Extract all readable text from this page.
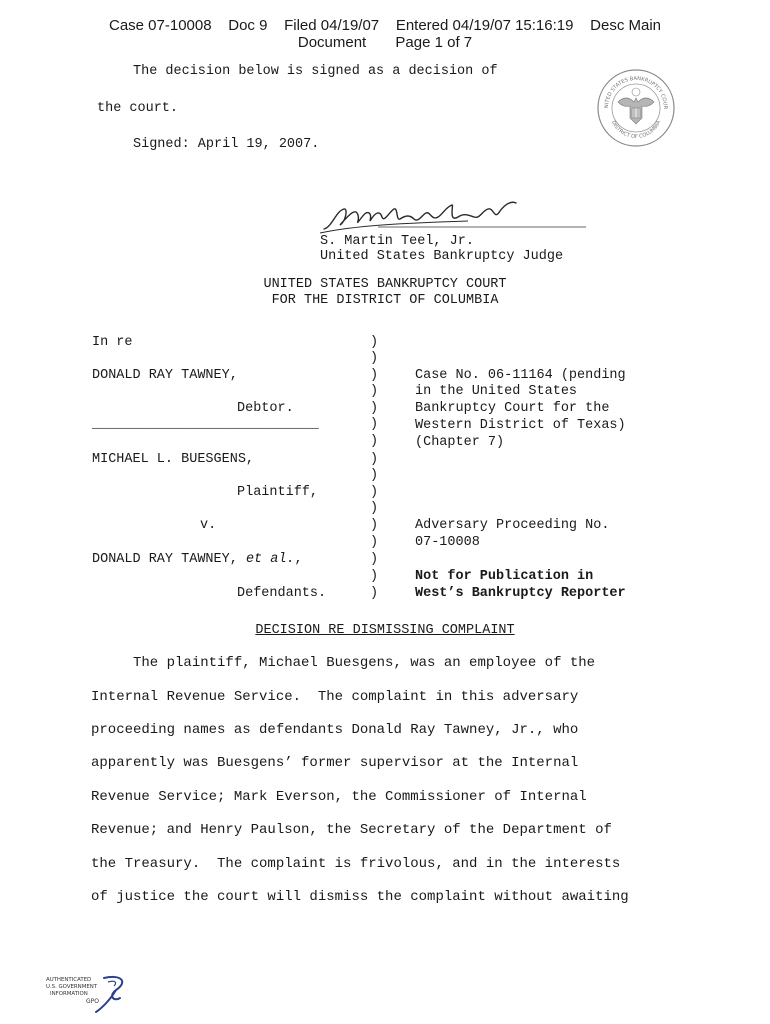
Case 07-10008    Doc 9    Filed 04/19/07    Entered 04/19/07 15:16:19    Desc Main
Document       Page 1 of 7
The decision below is signed as a decision of
the court.
Signed: April 19, 2007.
NITED STATES BANKRUPTCY COUR
DISTRICT OF COLUMBIA
S. Martin Teel, Jr.
United States Bankruptcy Judge
UNITED STATES BANKRUPTCY COURT
FOR THE DISTRICT OF COLUMBIA
In re
DONALD RAY TAWNEY,
Debtor.
____________________________
MICHAEL L. BUESGENS,
Plaintiff,
v.
DONALD RAY TAWNEY, et al.,
Defendants.
)
)
)
)
)
)
)
)
)
)
)
)
)
)
)
)
Case No. 06-11164 (pending
in the United States
Bankruptcy Court for the
Western District of Texas)
(Chapter 7)
Adversary Proceeding No.
07-10008
Not for Publication in
West’s Bankruptcy Reporter
DECISION RE DISMISSING COMPLAINT
The plaintiff, Michael Buesgens, was an employee of the
Internal Revenue Service.  The complaint in this adversary
proceeding names as defendants Donald Ray Tawney, Jr., who
apparently was Buesgens’ former supervisor at the Internal
Revenue Service; Mark Everson, the Commissioner of Internal
Revenue; and Henry Paulson, the Secretary of the Department of
the Treasury.  The complaint is frivolous, and in the interests
of justice the court will dismiss the complaint without awaiting
AUTHENTICATED
U.S. GOVERNMENT
INFORMATION
GPO
